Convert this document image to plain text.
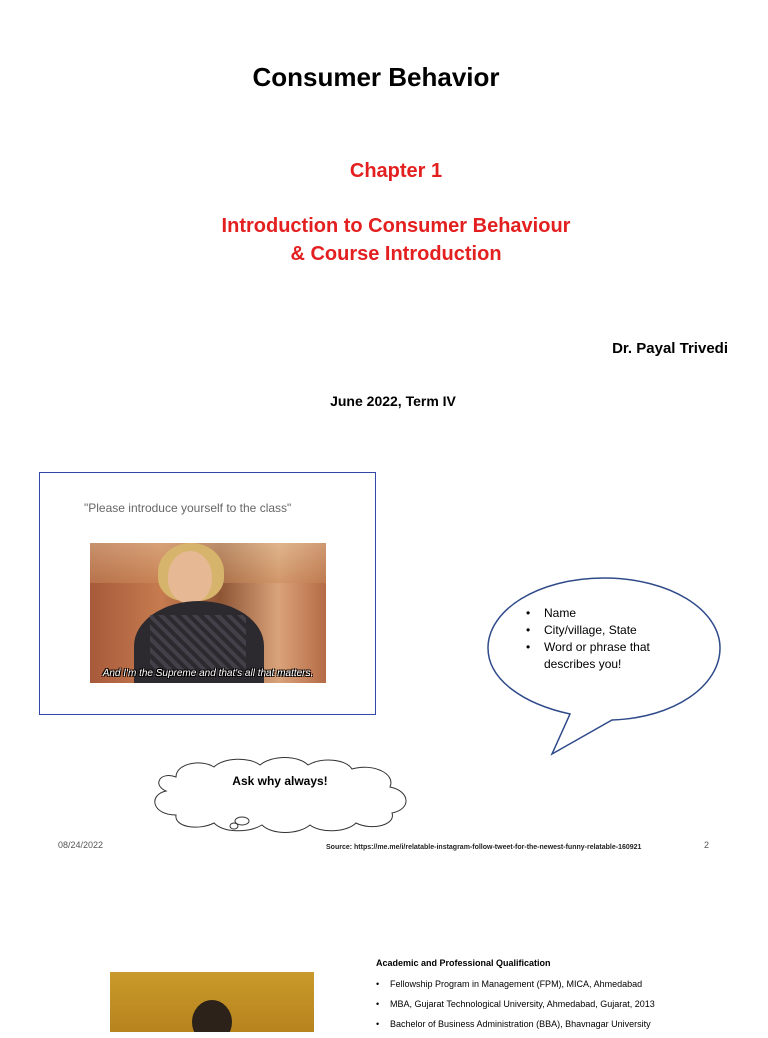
Consumer Behavior
Chapter 1
Introduction to Consumer Behaviour
& Course Introduction
Dr. Payal Trivedi
June 2022, Term IV
"Please introduce yourself to the class"
And I'm the Supreme and that's all that matters.
• Name
• City/village, State
• Word or phrase that describes you!
Ask why always!
08/24/2022	Source: https://me.me/i/relatable-instagram-follow-tweet-for-the-newest-funny-relatable-160921	2
Academic and Professional Qualification
• Fellowship Program in Management (FPM), MICA, Ahmedabad
• MBA, Gujarat Technological University, Ahmedabad, Gujarat, 2013
• Bachelor of Business Administration (BBA), Bhavnagar University
